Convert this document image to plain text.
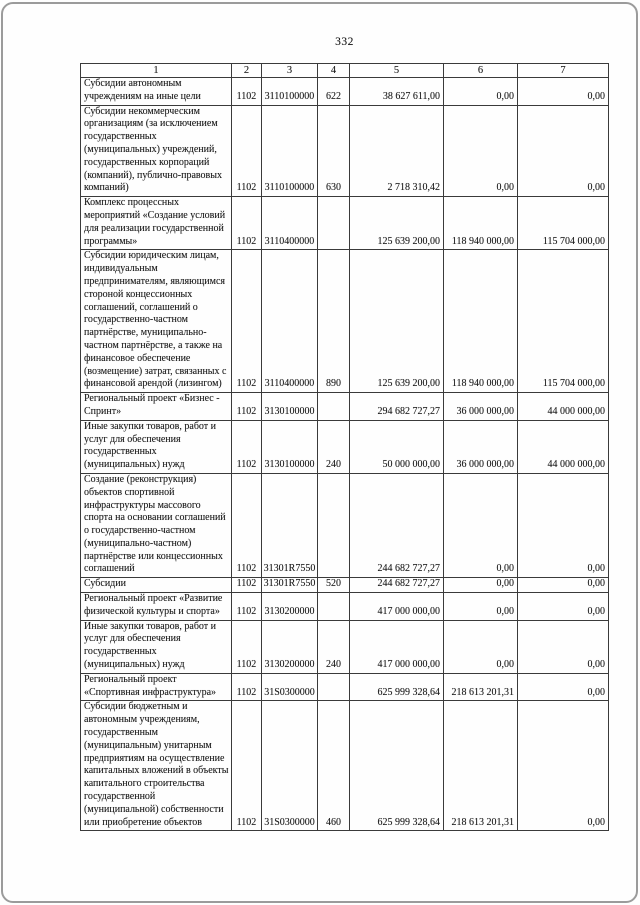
332
1	2	3	4	5	6	7
Субсидии автономным учреждениям на иные цели	1102	3110100000	622	38 627 611,00	0,00	0,00
Субсидии некоммерческим организациям (за исключением государственных (муниципальных) учреждений, государственных корпораций (компаний), публично-правовых компаний)	1102	3110100000	630	2 718 310,42	0,00	0,00
Комплекс процессных мероприятий «Создание условий для реализации государственной программы»	1102	3110400000		125 639 200,00	118 940 000,00	115 704 000,00
Субсидии юридическим лицам, индивидуальным предпринимателям, являющимся стороной концессионных соглашений, соглашений о государственно-частном партнёрстве, муниципально-частном партнёрстве, а также на финансовое обеспечение (возмещение) затрат, связанных с финансовой арендой (лизингом)	1102	3110400000	890	125 639 200,00	118 940 000,00	115 704 000,00
Региональный проект «Бизнес - Спринт»	1102	3130100000		294 682 727,27	36 000 000,00	44 000 000,00
Иные закупки товаров, работ и услуг для обеспечения государственных (муниципальных) нужд	1102	3130100000	240	50 000 000,00	36 000 000,00	44 000 000,00
Создание (реконструкция) объектов спортивной инфраструктуры массового спорта на основании соглашений о государственно-частном (муниципально-частном) партнёрстве или концессионных соглашений	1102	31301R7550		244 682 727,27	0,00	0,00
Субсидии	1102	31301R7550	520	244 682 727,27	0,00	0,00
Региональный проект «Развитие физической культуры и спорта»	1102	3130200000		417 000 000,00	0,00	0,00
Иные закупки товаров, работ и услуг для обеспечения государственных (муниципальных) нужд	1102	3130200000	240	417 000 000,00	0,00	0,00
Региональный проект «Спортивная инфраструктура»	1102	31S0300000		625 999 328,64	218 613 201,31	0,00
Субсидии бюджетным и автономным учреждениям, государственным (муниципальным) унитарным предприятиям на осуществление капитальных вложений в объекты капитального строительства государственной (муниципальной) собственности или приобретение объектов	1102	31S0300000	460	625 999 328,64	218 613 201,31	0,00
